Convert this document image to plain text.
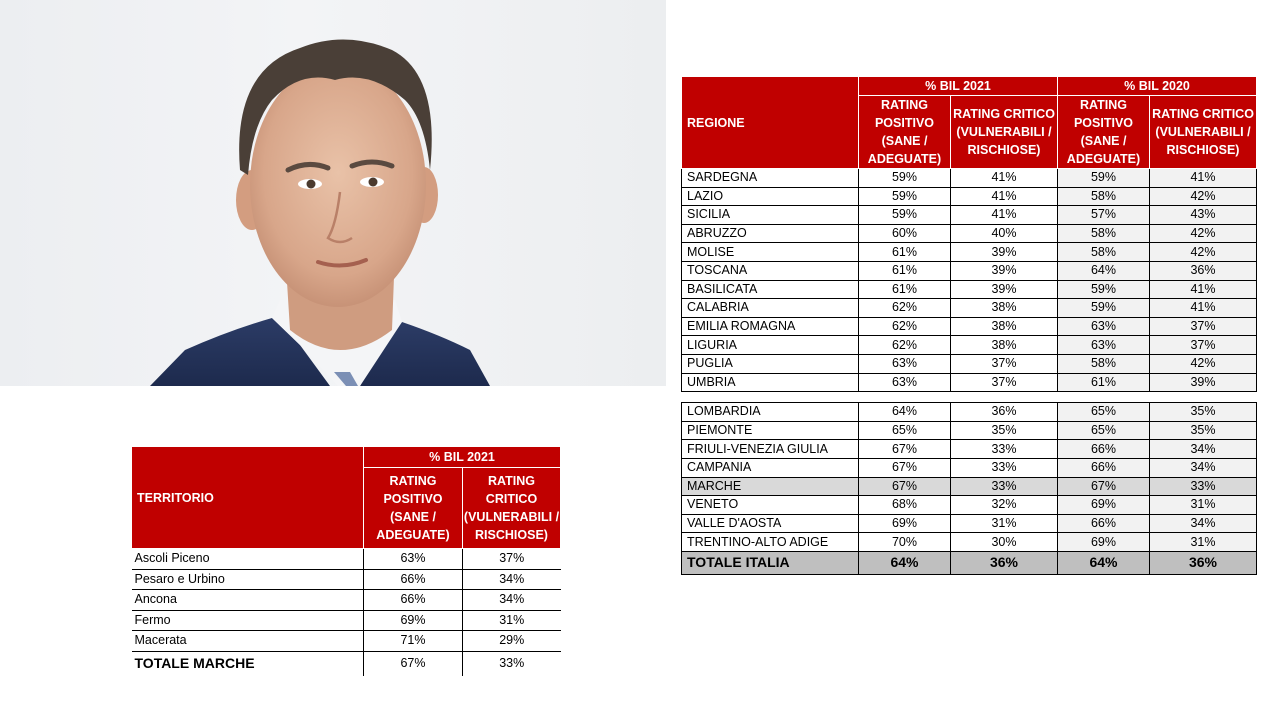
REGIONE	% BIL 2021		% BIL 2020	
	RATING POSITIVO (SANE / ADEGUATE)	RATING CRITICO (VULNERABILI / RISCHIOSE)	RATING POSITIVO (SANE / ADEGUATE)	RATING CRITICO (VULNERABILI / RISCHIOSE)
SARDEGNA	59%	41%	59%	41%
LAZIO	59%	41%	58%	42%
SICILIA	59%	41%	57%	43%
ABRUZZO	60%	40%	58%	42%
MOLISE	61%	39%	58%	42%
TOSCANA	61%	39%	64%	36%
BASILICATA	61%	39%	59%	41%
CALABRIA	62%	38%	59%	41%
EMILIA ROMAGNA	62%	38%	63%	37%
LIGURIA	62%	38%	63%	37%
PUGLIA	63%	37%	58%	42%
UMBRIA	63%	37%	61%	39%

LOMBARDIA	64%	36%	65%	35%
PIEMONTE	65%	35%	65%	35%
FRIULI-VENEZIA GIULIA	67%	33%	66%	34%
CAMPANIA	67%	33%	66%	34%
MARCHE	67%	33%	67%	33%
VENETO	68%	32%	69%	31%
VALLE D'AOSTA	69%	31%	66%	34%
TRENTINO-ALTO ADIGE	70%	30%	69%	31%
TOTALE ITALIA	64%	36%	64%	36%
TERRITORIO	% BIL 2021	
	RATING POSITIVO (SANE / ADEGUATE)	RATING CRITICO (VULNERABILI / RISCHIOSE)
Ascoli Piceno	63%	37%
Pesaro e Urbino	66%	34%
Ancona	66%	34%
Fermo	69%	31%
Macerata	71%	29%
TOTALE MARCHE	67%	33%
